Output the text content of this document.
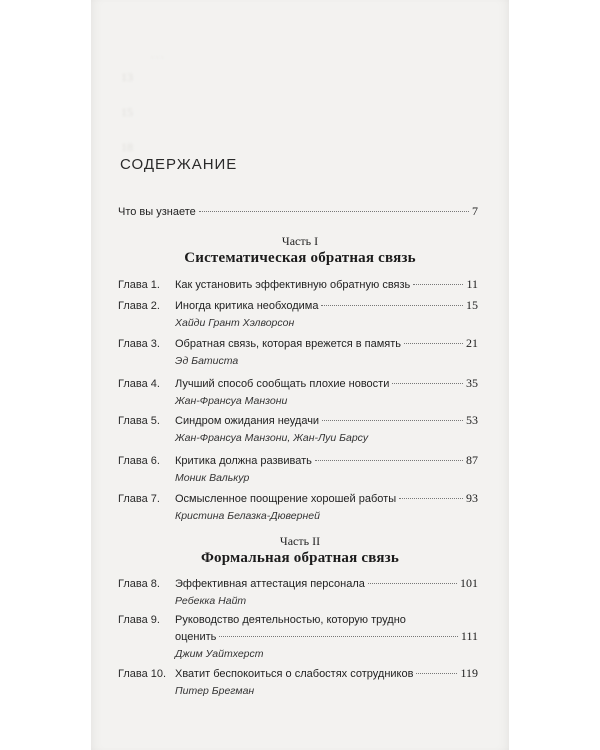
. . .
13
15
18
СОДЕРЖАНИЕ
Что вы узнаете	7
Часть I
Систематическая обратная связь
Глава 1.	Как установить эффективную обратную связь	11
Глава 2.	Иногда критика необходима	15
Хайди Грант Хэлворсон
Глава 3.	Обратная связь, которая врежется в память	21
Эд Батиста
Глава 4.	Лучший способ сообщать плохие новости	35
Жан-Франсуа Манзони
Глава 5.	Синдром ожидания неудачи	53
Жан-Франсуа Манзони, Жан-Луи Барсу
Глава 6.	Критика должна развивать	87
Моник Валькур
Глава 7.	Осмысленное поощрение хорошей работы	93
Кристина Белазка-Дюверней
Часть II
Формальная обратная связь
Глава 8.	Эффективная аттестация персонала	101
Ребекка Найт
Глава 9.	Руководство деятельностью, которую трудно
оценить	111
Джим Уайтхерст
Глава 10. Хватит беспокоиться о слабостях сотрудников	119
Питер Брегман
